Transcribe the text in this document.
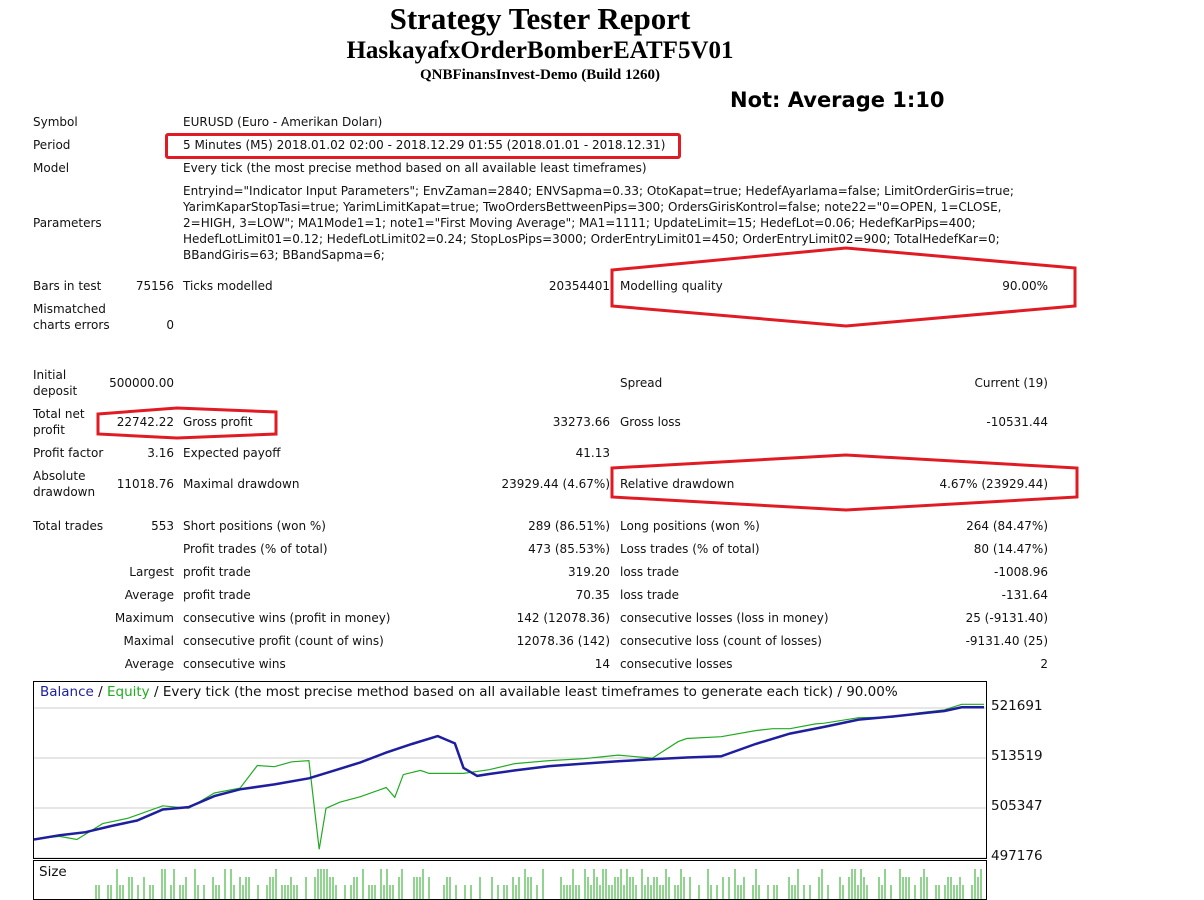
Strategy Tester Report
HaskayafxOrderBomberEATF5V01
QNBFinansInvest-Demo (Build 1260)
Not: Average 1:10
Symbol	EURUSD (Euro - Amerikan Doları)
Period	5 Minutes (M5) 2018.01.02 02:00 - 2018.12.29 01:55 (2018.01.01 - 2018.12.31)
Model	Every tick (the most precise method based on all available least timeframes)
Parameters
Entryind="Indicator Input Parameters"; EnvZaman=2840; ENVSapma=0.33; OtoKapat=true; HedefAyarlama=false; LimitOrderGiris=true;
YarimKaparStopTasi=true; YarimLimitKapat=true; TwoOrdersBettweenPips=300; OrdersGirisKontrol=false; note22="0=OPEN, 1=CLOSE,
2=HIGH, 3=LOW"; MA1Mode1=1; note1="First Moving Average"; MA1=1111; UpdateLimit=15; HedefLot=0.06; HedefKarPips=400;
HedefLotLimit01=0.12; HedefLotLimit02=0.24; StopLosPips=3000; OrderEntryLimit01=450; OrderEntryLimit02=900; TotalHedefKar=0;
BBandGiris=63; BBandSapma=6;
Bars in test	75156 Ticks modelled	20354401 Modelling quality	90.00%
Mismatched charts errors	0
Initial deposit
500000.00	Spread	Current (19)
Total net profit
22742.22 Gross profit	33273.66 Gross loss	-10531.44
Profit factor	3.16 Expected payoff	41.13
Absolute drawdown
11018.76 Maximal drawdown	23929.44 (4.67%) Relative drawdown	4.67% (23929.44)
Total trades	553 Short positions (won %)	289 (86.51%) Long positions (won %)	264 (84.47%)
Profit trades (% of total)	473 (85.53%) Loss trades (% of total)	80 (14.47%)
Largest profit trade	319.20 loss trade	-1008.96
Average profit trade	70.35 loss trade	-131.64
Maximum consecutive wins (profit in money)	142 (12078.36) consecutive losses (loss in money)	25 (-9131.40)
Maximal consecutive profit (count of wins)	12078.36 (142) consecutive loss (count of losses)	-9131.40 (25)
Average consecutive wins	14 consecutive losses	2
Balance / Equity / Every tick (the most precise method based on all available least timeframes to generate each tick) / 90.00%
521691
513519
505347
497176
Size
